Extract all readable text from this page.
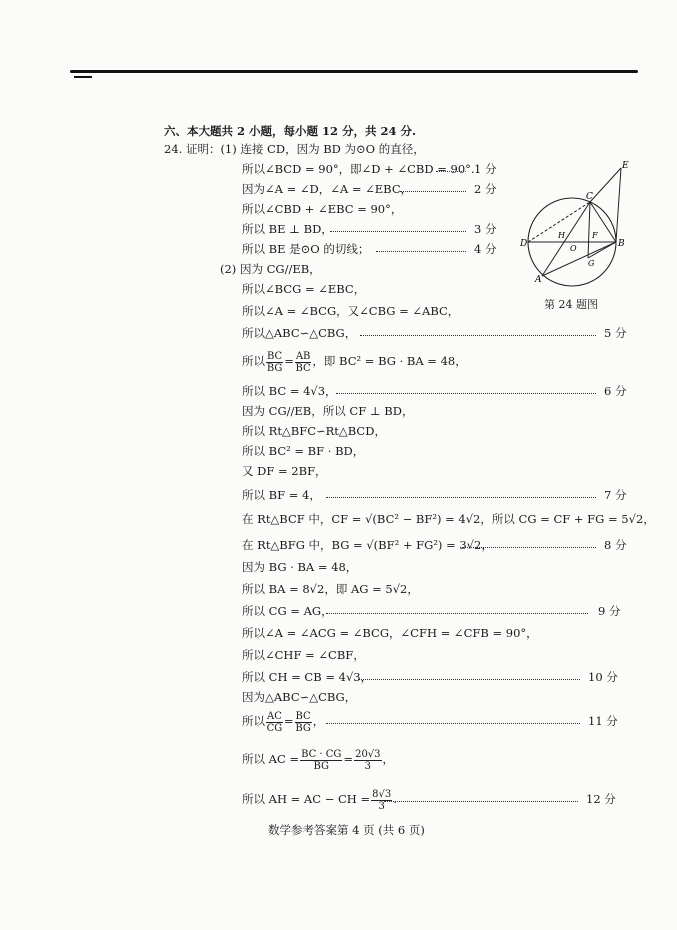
六、本大题共 2 小题，每小题 12 分，共 24 分.
24. 证明：(1) 连接 CD，因为 BD 为⊙O 的直径，
所以∠BCD = 90°，即∠D + ∠CBD = 90°. 1 分
因为∠A = ∠D，∠A = ∠EBC，	2 分
所以∠CBD + ∠EBC = 90°，
所以 BE ⊥ BD，	3 分
所以 BE 是⊙O 的切线；	4 分
E
C
D
H
O
F
B
G
A
第 24 题图
(2) 因为 CG//EB，
所以∠BCG = ∠EBC，
所以∠A = ∠BCG，又∠CBG = ∠ABC，
所以△ABC∽△CBG，	5 分
所以 $\frac{BC}{BG} = \frac{AB}{BC}$ ，即 BC² = BG · BA = 48，
所以 BC = 4√3，	6 分
因为 CG//EB，所以 CF ⊥ BD，
所以 Rt△BFC∽Rt△BCD，
所以 BC² = BF · BD，
又 DF = 2BF，
所以 BF = 4，	7 分
在 Rt△BCF 中，CF = √(BC² − BF²) = 4√2，所以 CG = CF + FG = 5√2，
在 Rt△BFG 中，BG = √(BF² + FG²) = 3√2，	8 分
因为 BG · BA = 48，
所以 BA = 8√2，即 AG = 5√2，
所以 CG = AG，	9 分
所以∠A = ∠ACG = ∠BCG，∠CFH = ∠CFB = 90°，
所以∠CHF = ∠CBF，
所以 CH = CB = 4√3，	10 分
因为△ABC∽△CBG，
所以 $\frac{AC}{CG} = \frac{BC}{BG}$ ，	11 分
所以 AC = $\frac{BC \cdot CG}{BG} = \frac{20√3}{3}$ ，
所以 AH = AC − CH = $\frac{8√3}{3}$ .	12 分
数学参考答案第 4 页 (共 6 页)
